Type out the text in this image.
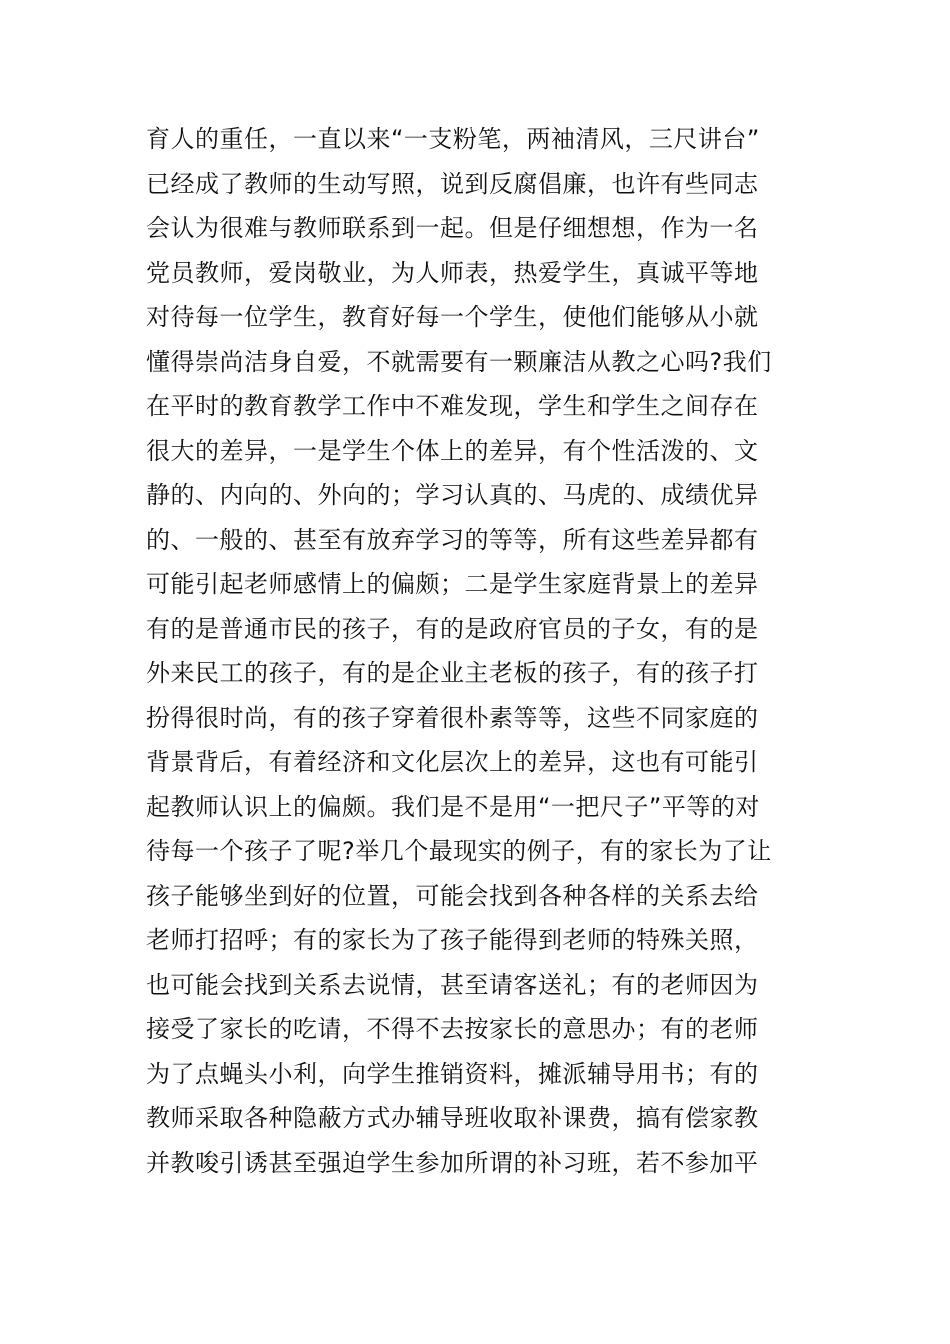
育人的重任，一直以来“一支粉笔，两袖清风，三尺讲台”
已经成了教师的生动写照，说到反腐倡廉，也许有些同志
会认为很难与教师联系到一起。但是仔细想想，作为一名
党员教师，爱岗敬业，为人师表，热爱学生，真诚平等地
对待每一位学生，教育好每一个学生，使他们能够从小就
懂得崇尚洁身自爱，不就需要有一颗廉洁从教之心吗?我们
在平时的教育教学工作中不难发现，学生和学生之间存在
很大的差异，一是学生个体上的差异，有个性活泼的、文
静的、内向的、外向的；学习认真的、马虎的、成绩优异
的、一般的、甚至有放弃学习的等等，所有这些差异都有
可能引起老师感情上的偏颇；二是学生家庭背景上的差异
有的是普通市民的孩子，有的是政府官员的子女，有的是
外来民工的孩子，有的是企业主老板的孩子，有的孩子打
扮得很时尚，有的孩子穿着很朴素等等，这些不同家庭的
背景背后，有着经济和文化层次上的差异，这也有可能引
起教师认识上的偏颇。我们是不是用“一把尺子”平等的对
待每一个孩子了呢?举几个最现实的例子，有的家长为了让
孩子能够坐到好的位置，可能会找到各种各样的关系去给
老师打招呼；有的家长为了孩子能得到老师的特殊关照，
也可能会找到关系去说情，甚至请客送礼；有的老师因为
接受了家长的吃请，不得不去按家长的意思办；有的老师
为了点蝇头小利，向学生推销资料，摊派辅导用书；有的
教师采取各种隐蔽方式办辅导班收取补课费，搞有偿家教
并教唆引诱甚至强迫学生参加所谓的补习班，若不参加平
